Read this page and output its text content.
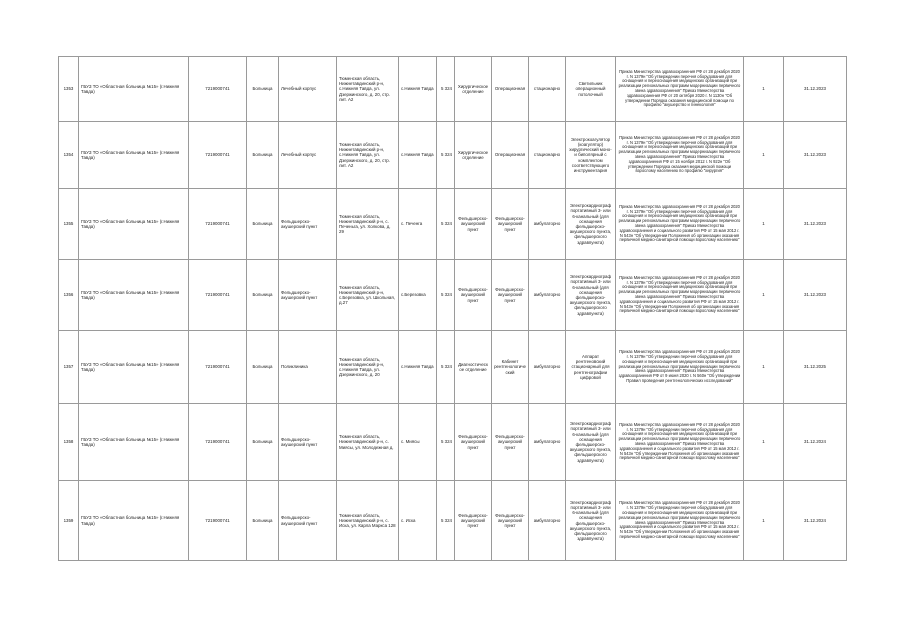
1353	ГБУЗ ТО «Областная больница №15» (г.Нижняя Тавда)	7219000741	Больница	Лечебный корпус	Тюменская область, Нижнетавдинский р-н, с.Нижняя Тавда, ул. Дзержинского, д. 20, стр. лит. А2	с.Нижняя Тавда	5 324	Хирургическое отделение	Операционная	стационарно	Светильник операционный потолочный	Приказ Министерства здравоохранения РФ от 28 декабря 2020 г. N 1379н "Об утверждении перечня оборудования для оснащения и переоснащения медицинских организаций при реализации региональных программ модернизации первичного звена здравоохранения" Приказ Министерства здравоохранения РФ от 20 октября 2020 г. N 1130н "Об утверждении Порядка оказания медицинской помощи по профилю "акушерство и гинекология"	1	31.12.2023
1354	ГБУЗ ТО «Областная больница №15» (г.Нижняя Тавда)	7219000741	Больница	Лечебный корпус	Тюменская область, Нижнетавдинский р-н, с.Нижняя Тавда, ул. Дзержинского, д. 20, стр. лит. А2	с.Нижняя Тавда	5 324	Хирургическое отделение	Операционная	стационарно	Электрокоагулятор (коагулятор) хирургический моно- и биполярный с комплектом соответствующего инструментария	Приказ Министерства здравоохранения РФ от 28 декабря 2020 г. N 1379н "Об утверждении перечня оборудования для оснащения и переоснащения медицинских организаций при реализации региональных программ модернизации первичного звена здравоохранения" Приказ Министерства здравоохранения РФ от 15 ноября 2012 г. N 922н "Об утверждении Порядка оказания медицинской помощи взрослому населению по профилю "хирургия"	1	31.12.2023
1355	ГБУЗ ТО «Областная больница №15» (г.Нижняя Тавда)	7219000741	Больница	Фельдшерско-акушерский пункт	Тюменская область, Нижнетавдинский р-н, с. Печеньга, ул. Холкова, д. 29	с. Печенга	5 324	Фельдшерско-акушерский пункт	Фельдшерско-акушерский пункт	амбулаторно	Электрокардиограф портативный 3- или 6-канальный (для оснащения фельдшерско-акушерского пункта, фельдшерского здравпункта)	Приказ Министерства здравоохранения РФ от 28 декабря 2020 г. N 1379н "Об утверждении перечня оборудования для оснащения и переоснащения медицинских организаций при реализации региональных программ модернизации первичного звена здравоохранения" Приказ Министерства здравоохранения и социального развития РФ от 15 мая 2012 г. N 543н "Об утверждении Положения об организации оказания первичной медико-санитарной помощи взрослому населению"	1	31.12.2023
1356	ГБУЗ ТО «Областная больница №15» (г.Нижняя Тавда)	7219000741	Больница	Фельдшерско-акушерский пункт	Тюменская область, Нижнетавдинский р-н, с.Березовка, ул. Школьная, д.27	с.Березовка	5 324	Фельдшерско-акушерский пункт	Фельдшерско-акушерский пункт	амбулаторно	Электрокардиограф портативный 3- или 6-канальный (для оснащения фельдшерско-акушерского пункта, фельдшерского здравпункта)	Приказ Министерства здравоохранения РФ от 28 декабря 2020 г. N 1379н "Об утверждении перечня оборудования для оснащения и переоснащения медицинских организаций при реализации региональных программ модернизации первичного звена здравоохранения" Приказ Министерства здравоохранения и социального развития РФ от 15 мая 2012 г. N 543н "Об утверждении Положения об организации оказания первичной медико-санитарной помощи взрослому населению"	1	31.12.2023
1357	ГБУЗ ТО «Областная больница №15» (г.Нижняя Тавда)	7219000741	Больница	Поликлиника	Тюменская область, Нижнетавдинский р-н, с.Нижняя Тавда, ул. Дзержинского, д. 20	с.Нижняя Тавда	5 324	Диагностическое отделение	Кабинет рентгенологический	амбулаторно	Аппарат рентгеновский стационарный для рентгенографии цифровой	Приказ Министерства здравоохранения РФ от 28 декабря 2020 г. N 1379н "Об утверждении перечня оборудования для оснащения и переоснащения медицинских организаций при реализации региональных программ модернизации первичного звена здравоохранения" Приказ Министерства здравоохранения РФ от 9 июня 2020 г. N 560н "Об утверждении Правил проведения рентгенологических исследований"	1	31.12.2025
1358	ГБУЗ ТО «Областная больница №15» (г.Нижняя Тавда)	7219000741	Больница	Фельдшерско-акушерский пункт	Тюменская область, Нижнетавдинский р-н, с. Миясы, ул. Молодежная д.	с. Миясы	5 324	Фельдшерско-акушерский пункт	Фельдшерско-акушерский пункт	амбулаторно	Электрокардиограф портативный 3- или 6-канальный (для оснащения фельдшерско-акушерского пункта, фельдшерского здравпункта)	Приказ Министерства здравоохранения РФ от 28 декабря 2020 г. N 1379н "Об утверждении перечня оборудования для оснащения и переоснащения медицинских организаций при реализации региональных программ модернизации первичного звена здравоохранения" Приказ Министерства здравоохранения и социального развития РФ от 15 мая 2012 г. N 543н "Об утверждении Положения об организации оказания первичной медико-санитарной помощи взрослому населению"	1	31.12.2024
1359	ГБУЗ ТО «Областная больница №15» (г.Нижняя Тавда)	7219000741	Больница	Фельдшерско-акушерский пункт	Тюменская область, Нижнетавдинский р-н, с. Иска, ул. Карла Маркса 128	с. Иска	5 324	Фельдшерско-акушерский пункт	Фельдшерско-акушерский пункт	амбулаторно	Электрокардиограф портативный 3- или 6-канальный (для оснащения фельдшерско-акушерского пункта, фельдшерского здравпункта)	Приказ Министерства здравоохранения РФ от 28 декабря 2020 г. N 1379н "Об утверждении перечня оборудования для оснащения и переоснащения медицинских организаций при реализации региональных программ модернизации первичного звена здравоохранения" Приказ Министерства здравоохранения и социального развития РФ от 15 мая 2012 г. N 543н "Об утверждении Положения об организации оказания первичной медико-санитарной помощи взрослому населению"	1	31.12.2024
